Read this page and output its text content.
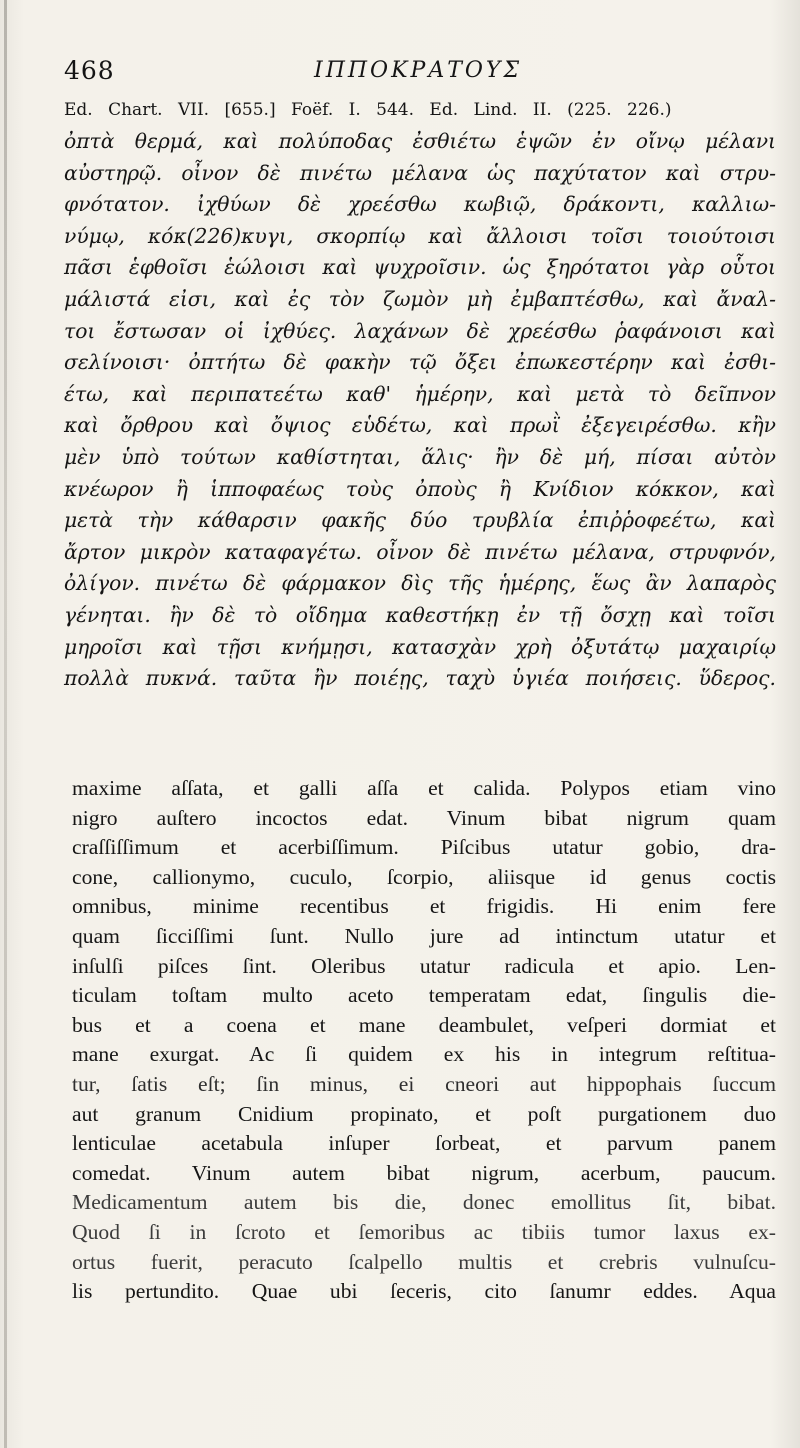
468	ΙΠΠΟΚΡΑΤΟΥΣ
Ed. Chart. VII. [655.] Foëf. I. 544. Ed. Lind. II. (225. 226.)
ὀπτὰ θερμά, καὶ πολύποδας ἐσθιέτω ἑψῶν ἐν οἴνῳ μέλανι
αὐστηρῷ. οἶνον δὲ πινέτω μέλανα ὡς παχύτατον καὶ στρυ-
φνότατον. ἰχθύων δὲ χρεέσθω κωβιῷ, δράκοντι, καλλιω-
νύμῳ, κόκ(226)κυγι, σκορπίῳ καὶ ἄλλοισι τοῖσι τοιούτοισι
πᾶσι ἑφθοῖσι ἑώλοισι καὶ ψυχροῖσιν. ὡς ξηρότατοι γὰρ οὗτοι
μάλιστά εἰσι, καὶ ἐς τὸν ζωμὸν μὴ ἐμβαπτέσθω, καὶ ἄναλ-
τοι ἔστωσαν οἱ ἰχθύες. λαχάνων δὲ χρεέσθω ῥαφάνοισι καὶ
σελίνοισι· ὀπτήτω δὲ φακὴν τῷ ὄξει ἐπωκεστέρην καὶ ἐσθι-
έτω, καὶ περιπατεέτω καθ' ἡμέρην, καὶ μετὰ τὸ δεῖπνον
καὶ ὄρθρου καὶ ὄψιος εὑδέτω, καὶ πρωῒ ἐξεγειρέσθω. κἢν
μὲν ὑπὸ τούτων καθίστηται, ἅλις· ἢν δὲ μή, πίσαι αὐτὸν
κνέωρον ἢ ἱπποφαέως τοὺς ὀποὺς ἢ Κνίδιον κόκκον, καὶ
μετὰ τὴν κάθαρσιν φακῆς δύο τρυβλία ἐπιῤῥοφεέτω, καὶ
ἄρτον μικρὸν καταφαγέτω. οἶνον δὲ πινέτω μέλανα, στρυφνόν,
ὀλίγον. πινέτω δὲ φάρμακον δὶς τῆς ἡμέρης, ἕως ἂν λαπαρὸς
γένηται. ἢν δὲ τὸ οἴδημα καθεστήκῃ ἐν τῇ ὄσχῃ καὶ τοῖσι
μηροῖσι καὶ τῇσι κνήμῃσι, κατασχὰν χρὴ ὀξυτάτῳ μαχαιρίῳ
πολλὰ πυκνά. ταῦτα ἢν ποιέῃς, ταχὺ ὑγιέα ποιήσεις. ὕδερος.
maxime aſſata, et galli aſſa et calida. Polypos etiam vino
nigro auſtero incoctos edat. Vinum bibat nigrum quam
craſſiſſimum et acerbiſſimum. Piſcibus utatur gobio, dra-
cone, callionymo, cuculo, ſcorpio, aliisque id genus coctis
omnibus, minime recentibus et frigidis. Hi enim fere
quam ſicciſſimi ſunt. Nullo jure ad intinctum utatur et
inſulſi piſces ſint. Oleribus utatur radicula et apio. Len-
ticulam toſtam multo aceto temperatam edat, ſingulis die-
bus et a coena et mane deambulet, veſperi dormiat et
mane exurgat. Ac ſi quidem ex his in integrum reſtitua-
tur, ſatis eſt; ſin minus, ei cneori aut hippophais ſuccum
aut granum Cnidium propinato, et poſt purgationem duo
lenticulae acetabula inſuper ſorbeat, et parvum panem
comedat. Vinum autem bibat nigrum, acerbum, paucum.
Medicamentum autem bis die, donec emollitus ſit, bibat.
Quod ſi in ſcroto et ſemoribus ac tibiis tumor laxus ex-
ortus fuerit, peracuto ſcalpello multis et crebris vulnuſcu-
lis pertundito. Quae ubi ſeceris, cito ſanumr eddes. Aqua
